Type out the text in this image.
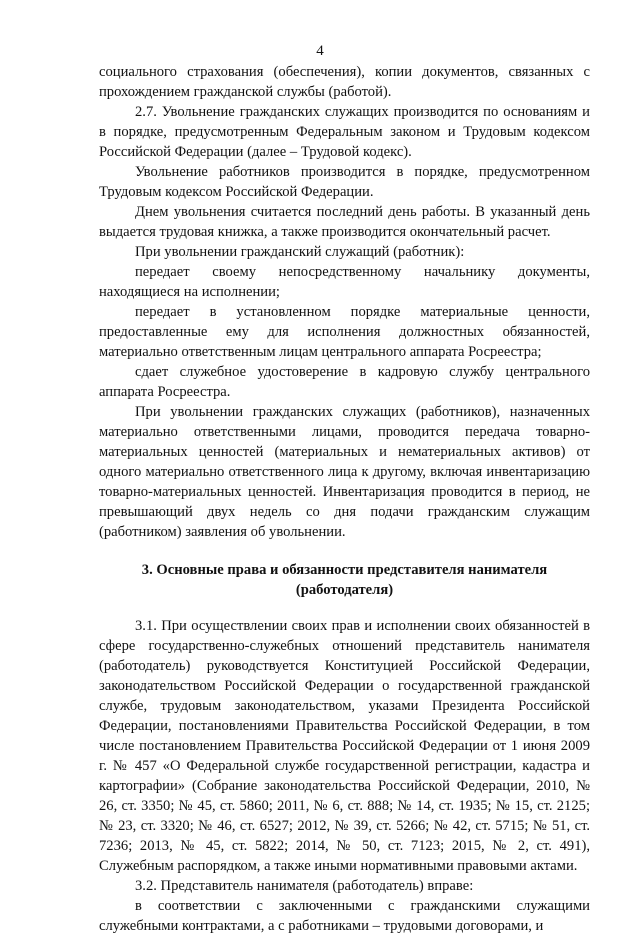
4

социального страхования (обеспечения), копии документов, связанных с прохождением гражданской службы (работой).

2.7. Увольнение гражданских служащих производится по основаниям и в порядке, предусмотренным Федеральным законом и Трудовым кодексом Российской Федерации (далее – Трудовой кодекс).

Увольнение работников производится в порядке, предусмотренном Трудовым кодексом Российской Федерации.

Днем увольнения считается последний день работы. В указанный день выдается трудовая книжка, а также производится окончательный расчет.

При увольнении гражданский служащий (работник):

передает своему непосредственному начальнику документы, находящиеся на исполнении;

передает в установленном порядке материальные ценности, предоставленные ему для исполнения должностных обязанностей, материально ответственным лицам центрального аппарата Росреестра;

сдает служебное удостоверение в кадровую службу центрального аппарата Росреестра.

При увольнении гражданских служащих (работников), назначенных материально ответственными лицами, проводится передача товарно-материальных ценностей (материальных и нематериальных активов) от одного материально ответственного лица к другому, включая инвентаризацию товарно-материальных ценностей. Инвентаризация проводится в период, не превышающий двух недель со дня подачи гражданским служащим (работником) заявления об увольнении.

3. Основные права и обязанности представителя нанимателя (работодателя)

3.1. При осуществлении своих прав и исполнении своих обязанностей в сфере государственно-служебных отношений представитель нанимателя (работодатель) руководствуется Конституцией Российской Федерации, законодательством Российской Федерации о государственной гражданской службе, трудовым законодательством, указами Президента Российской Федерации, постановлениями Правительства Российской Федерации, в том числе постановлением Правительства Российской Федерации от 1 июня 2009 г. № 457 «О Федеральной службе государственной регистрации, кадастра и картографии» (Собрание законодательства Российской Федерации, 2010, № 26, ст. 3350; № 45, ст. 5860; 2011, № 6, ст. 888; № 14, ст. 1935; № 15, ст. 2125; № 23, ст. 3320; № 46, ст. 6527; 2012, № 39, ст. 5266; № 42, ст. 5715; № 51, ст. 7236; 2013, № 45, ст. 5822; 2014, № 50, ст. 7123; 2015, № 2, ст. 491), Служебным распорядком, а также иными нормативными правовыми актами.

3.2. Представитель нанимателя (работодатель) вправе:

в соответствии с заключенными с гражданскими служащими служебными контрактами, а с работниками – трудовыми договорами, и
